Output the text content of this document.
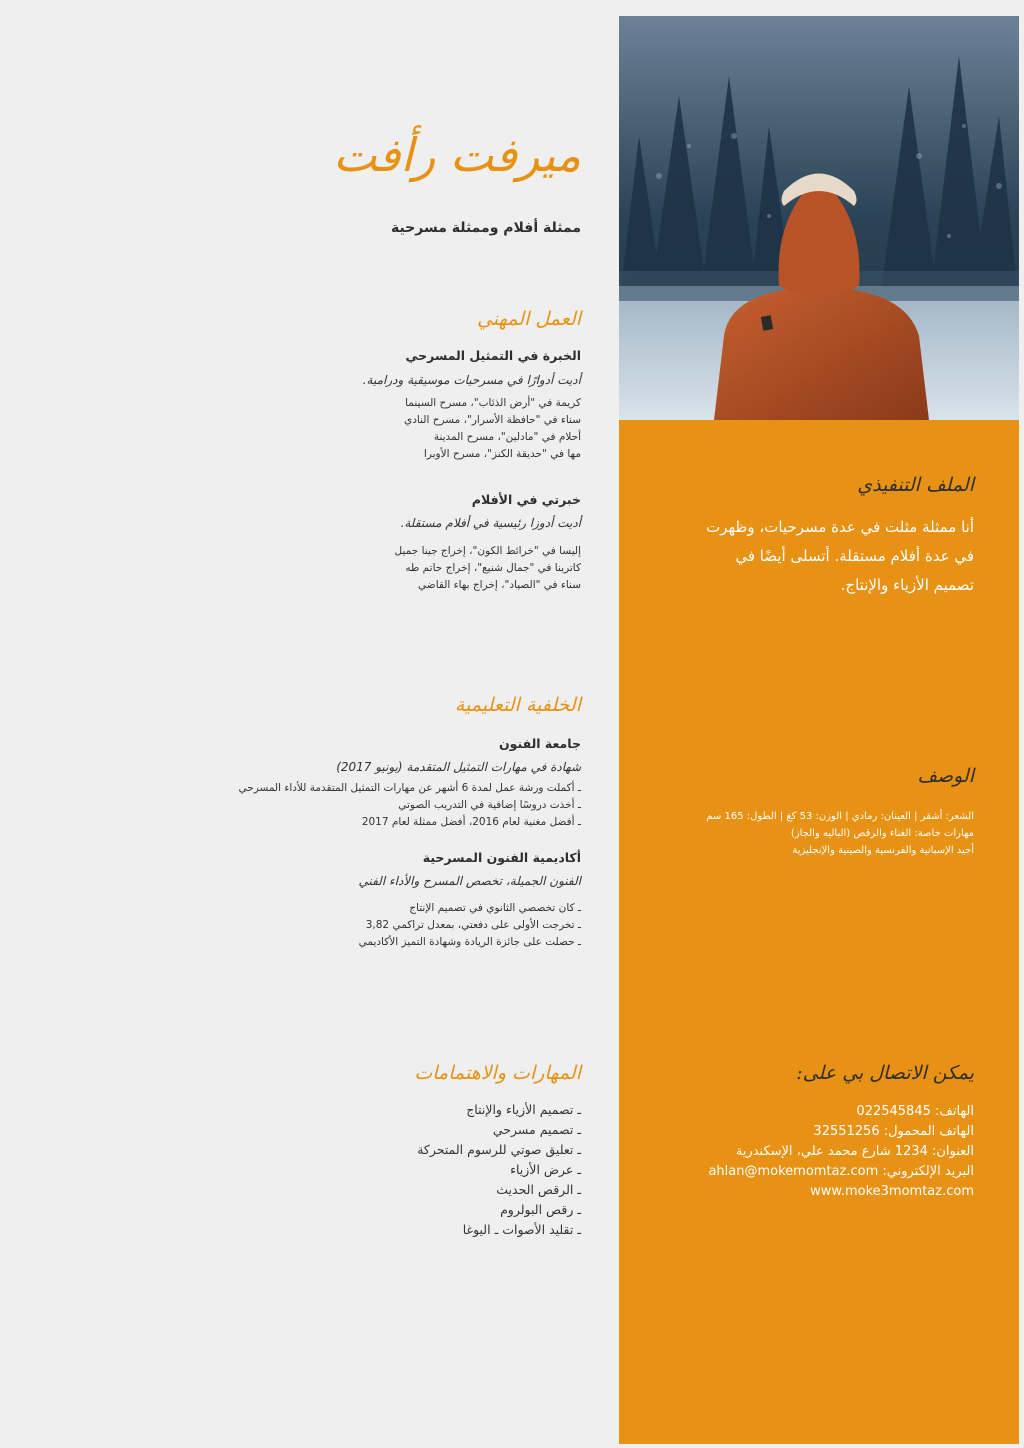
ميرفت رأفت
ممثلة أفلام وممثلة مسرحية
العمل المهني
الخبرة في التمثيل المسرحي
أديت أدوارًا في مسرحيات موسيقية ودرامية.
كريمة في "أرض الذئاب"، مسرح السينما
سناء في "حافظة الأسرار"، مسرح النادي
أحلام في "مادلين"، مسرح المدينة
مها في "حديقة الكنز"، مسرح الأوبرا
خبرتي في الأفلام
أديت أدوزا رئيسية في أفلام مستقلة.
إليسا في "خرائط الكون"، إخراج جينا جميل
كاترينا في "جمال شنيع"، إخراج حاتم طه
سناء في "الصياد"، إخراج بهاء القاضي
الخلفية التعليمية
جامعة الفنون
شهادة في مهارات التمثيل المتقدمة (يونيو 2017)
ـ أكملت ورشة عمل لمدة 6 أشهر عن مهارات التمثيل المتقدمة للأداء المسرحي
ـ أخذت دروسًا إضافية في التدريب الصوتي
ـ أفضل مغنية لعام 2016، أفضل ممثلة لعام 2017
أكاديمية الفنون المسرحية
الفنون الجميلة، تخصص المسرح والأداء الفني
ـ كان تخصصي الثانوي في تصميم الإنتاج
ـ تخرجت الأولى على دفعتي، بمعدل تراكمي 3,82
ـ حصلت على جائزة الريادة وشهادة التميز الأكاديمي
المهارات والاهتمامات
ـ تصميم الأزياء والإنتاج
ـ تصميم مسرحي
ـ تعليق صوتي للرسوم المتحركة
ـ عرض الأزياء
ـ الرقص الحديث
ـ رقص البولروم
ـ تقليد الأصوات ـ اليوغا
الملف التنفيذي
أنا ممثلة مثلت في عدة مسرحيات، وظهرت
في عدة أفلام مستقلة. أتسلى أيضًا في
تصميم الأزياء والإنتاج.
الوصف
الشعر: أشقر | العينان: رمادي | الوزن: 53 كغ | الطول: 165 سم
مهارات خاصة: الغناء والرقص (الباليه والجاز)
أجيد الإسبانية والفرنسية والصينية والإنجليزية
يمكن الاتصال بي على:
الهاتف: 022545845
الهاتف المحمول: 32551256
العنوان: 1234 شارع محمد علي، الإسكندرية
البريد الإلكتروني: ahlan@mokemomtaz.com
www.moke3momtaz.com
